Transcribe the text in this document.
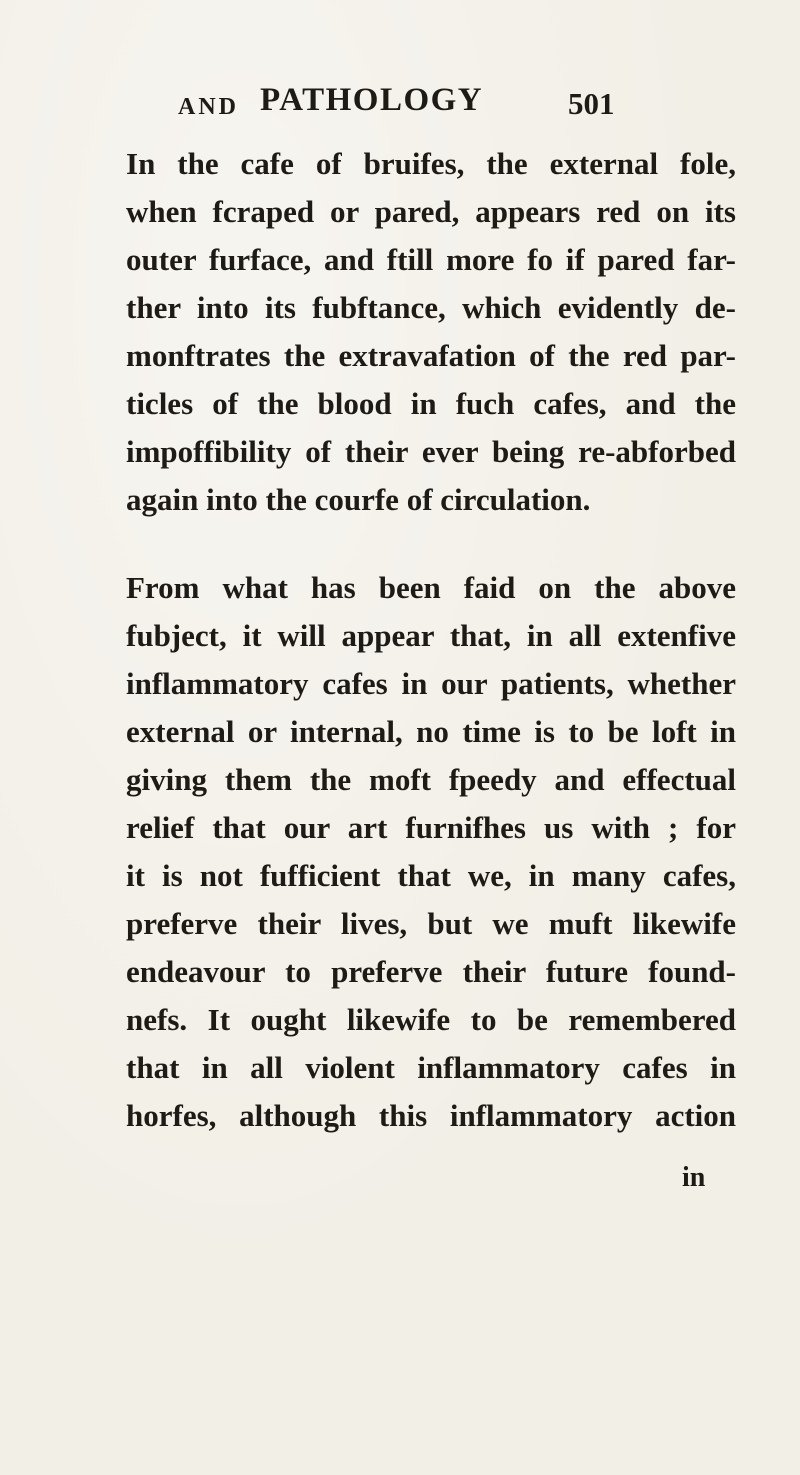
AND PATHOLOGY	501
In the cafe of bruifes, the external fole,
when fcraped or pared, appears red on its
outer furface, and ftill more fo if pared far-
ther into its fubftance, which evidently de-
monftrates the extravafation of the red par-
ticles of the blood in fuch cafes, and the
impoffibility of their ever being re-abforbed
again into the courfe of circulation.
From what has been faid on the above
fubject, it will appear that, in all extenfive
inflammatory cafes in our patients, whether
external or internal, no time is to be loft in
giving them the moft fpeedy and effectual
relief that our art furnifhes us with ; for
it is not fufficient that we, in many cafes,
preferve their lives, but we muft likewife
endeavour to preferve their future found-
nefs. It ought likewife to be remembered
that in all violent inflammatory cafes in
horfes, although this inflammatory action
in
